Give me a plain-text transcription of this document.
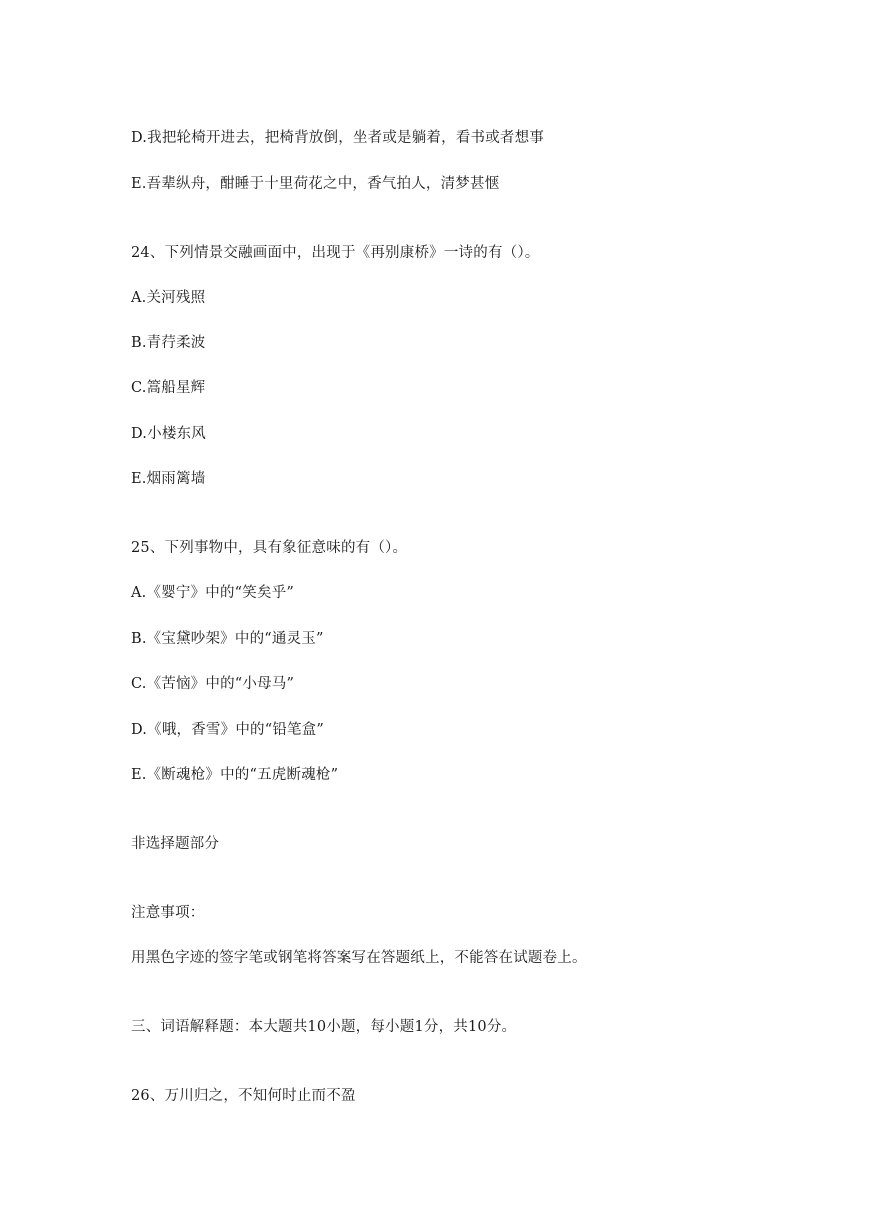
D.我把轮椅开进去，把椅背放倒，坐者或是躺着，看书或者想事
E.吾辈纵舟，酣睡于十里荷花之中，香气拍人，清梦甚惬
24、下列情景交融画面中，出现于《再别康桥》一诗的有（）。
A.关河残照
B.青荇柔波
C.篙船星辉
D.小楼东风
E.烟雨篱墙
25、下列事物中，具有象征意味的有（）。
A.《婴宁》中的“笑矣乎”
B.《宝黛吵架》中的“通灵玉”
C.《苦恼》中的“小母马”
D.《哦，香雪》中的“铅笔盒”
E.《断魂枪》中的“五虎断魂枪”
非选择题部分
注意事项：
用黑色字迹的签字笔或钢笔将答案写在答题纸上，不能答在试题卷上。
三、词语解释题：本大题共10小题，每小题1分，共10分。
26、万川归之，不知何时止而不盈
